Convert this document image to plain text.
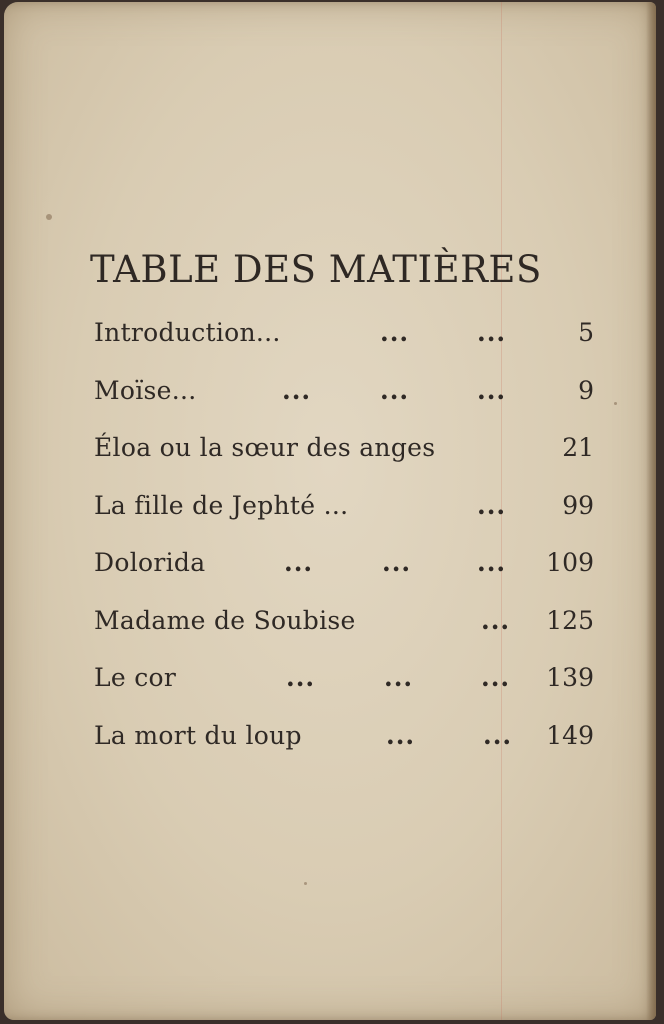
TABLE DES MATIÈRES
Introduction...	...	...	5
Moïse...	...	...	...	9
Éloa ou la sœur des anges	21
La fille de Jephté ...	... 99
Dolorida	...	...	... 109
Madame de Soubise	... 125
Le cor	...	...	... 139
La mort du loup	...	... 149
